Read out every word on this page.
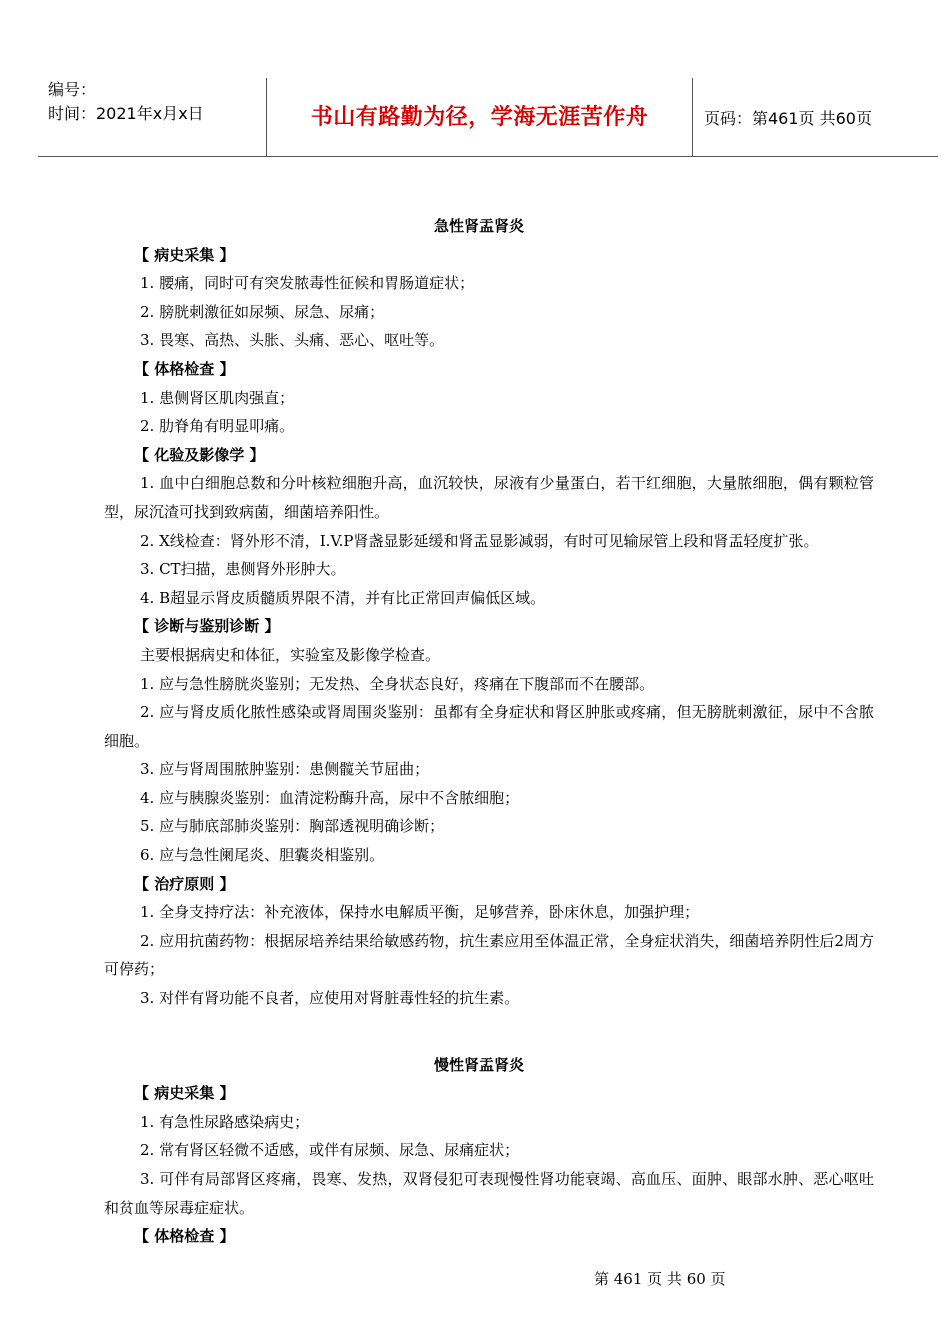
编号：
时间：2021年x月x日	书山有路勤为径，学海无涯苦作舟	页码：第461页 共60页
急性肾盂肾炎
【 病史采集 】
1. 腰痛，同时可有突发脓毒性征候和胃肠道症状；
2. 膀胱刺激征如尿频、尿急、尿痛；
3. 畏寒、高热、头胀、头痛、恶心、呕吐等。
【 体格检查 】
1. 患侧肾区肌肉强直；
2. 肋脊角有明显叩痛。
【 化验及影像学 】
1. 血中白细胞总数和分叶核粒细胞升高，血沉较快，尿液有少量蛋白，若干红细胞，大量脓细胞，偶有颗粒管型，尿沉渣可找到致病菌，细菌培养阳性。
2. X线检查：肾外形不清，I.V.P肾盏显影延缓和肾盂显影减弱，有时可见输尿管上段和肾盂轻度扩张。
3. CT扫描，患侧肾外形肿大。
4. B超显示肾皮质髓质界限不清，并有比正常回声偏低区域。
【 诊断与鉴别诊断 】
主要根据病史和体征，实验室及影像学检查。
1. 应与急性膀胱炎鉴别；无发热、全身状态良好，疼痛在下腹部而不在腰部。
2. 应与肾皮质化脓性感染或肾周围炎鉴别：虽都有全身症状和肾区肿胀或疼痛，但无膀胱刺激征，尿中不含脓细胞。
3. 应与肾周围脓肿鉴别：患侧髋关节屈曲；
4. 应与胰腺炎鉴别：血清淀粉酶升高，尿中不含脓细胞；
5. 应与肺底部肺炎鉴别：胸部透视明确诊断；
6. 应与急性阑尾炎、胆囊炎相鉴别。
【 治疗原则 】
1. 全身支持疗法：补充液体，保持水电解质平衡，足够营养，卧床休息，加强护理；
2. 应用抗菌药物：根据尿培养结果给敏感药物，抗生素应用至体温正常，全身症状消失，细菌培养阴性后2周方可停药；
3. 对伴有肾功能不良者，应使用对肾脏毒性轻的抗生素。
慢性肾盂肾炎
【 病史采集 】
1. 有急性尿路感染病史；
2. 常有肾区轻微不适感，或伴有尿频、尿急、尿痛症状；
3. 可伴有局部肾区疼痛，畏寒、发热，双肾侵犯可表现慢性肾功能衰竭、高血压、面肿、眼部水肿、恶心呕吐和贫血等尿毒症症状。
【 体格检查 】
第 461 页 共 60 页
